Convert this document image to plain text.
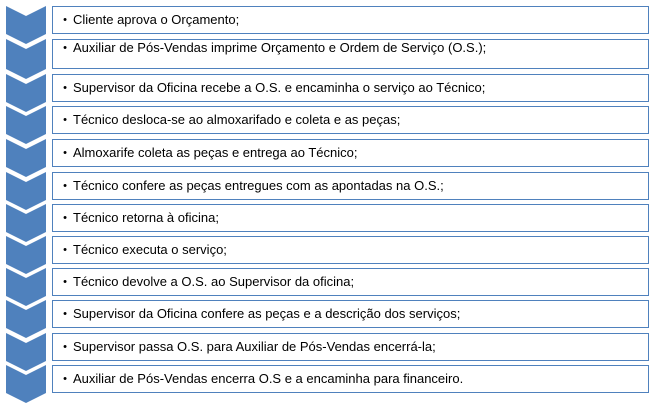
• Cliente aprova o Orçamento;
• Auxiliar de Pós-Vendas imprime Orçamento e Ordem de Serviço (O.S.);
• Supervisor da Oficina recebe a O.S. e encaminha o serviço ao Técnico;
• Técnico desloca-se ao almoxarifado e coleta e as peças;
• Almoxarife coleta as peças e entrega ao Técnico;
• Técnico confere as peças entregues com as apontadas na O.S.;
• Técnico retorna à oficina;
• Técnico executa o serviço;
• Técnico devolve a O.S. ao Supervisor da oficina;
• Supervisor da Oficina confere as peças e a descrição dos serviços;
• Supervisor passa O.S. para Auxiliar de Pós-Vendas encerrá-la;
• Auxiliar de Pós-Vendas encerra O.S e a encaminha para financeiro.
